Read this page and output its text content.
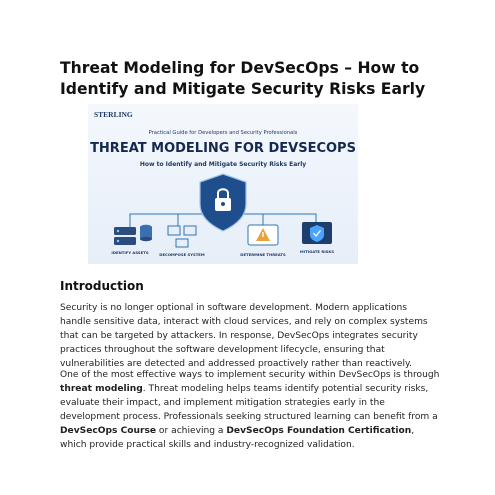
Threat Modeling for DevSecOps – How to Identify and Mitigate Security Risks Early
STERLING
Practical Guide for Developers and Security Professionals
THREAT MODELING FOR DEVSECOPS
How to Identify and Mitigate Security Risks Early
IDENTIFY ASSETS	DECOMPOSE SYSTEM	DETERMINE THREATS
MITIGATE RISKS
Introduction

Security is no longer optional in software development. Modern applications handle sensitive data, interact with cloud services, and rely on complex systems that can be targeted by attackers. In response, DevSecOps integrates security practices throughout the software development lifecycle, ensuring that vulnerabilities are detected and addressed proactively rather than reactively.

One of the most effective ways to implement security within DevSecOps is through threat modeling. Threat modeling helps teams identify potential security risks, evaluate their impact, and implement mitigation strategies early in the development process. Professionals seeking structured learning can benefit from a DevSecOps Course or achieving a DevSecOps Foundation Certification, which provide practical skills and industry-recognized validation.
